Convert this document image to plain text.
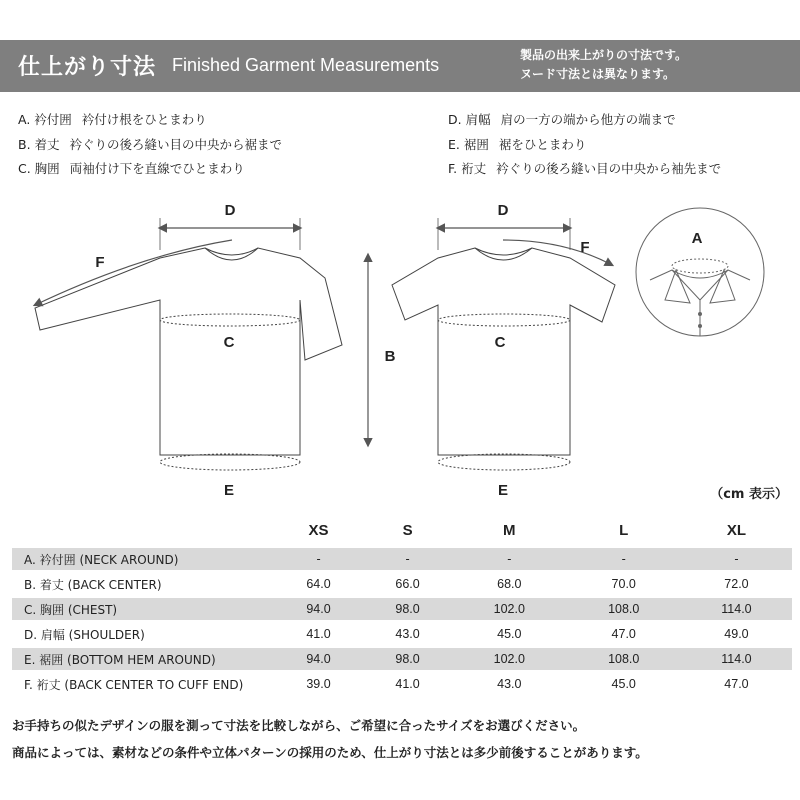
仕上がり寸法 Finished Garment Measurements	製品の出来上がりの寸法です。
ヌード寸法とは異なります。
A. 衿付囲 衿付け根をひとまわり
B. 着丈 衿ぐりの後ろ縫い目の中央から裾まで
C. 胸囲 両袖付け下を直線でひとまわり
D. 肩幅 肩の一方の端から他方の端まで
E. 裾囲 裾をひとまわり
F. 裄丈 衿ぐりの後ろ縫い目の中央から袖先まで
D
F
C
E
B
D
F
C
E
A
（cm 表示）
	XS	S	M	L	XL
A. 衿付囲 (NECK AROUND)	-	-	-	-	-
B. 着丈 (BACK CENTER)	64.0	66.0	68.0	70.0	72.0
C. 胸囲 (CHEST)	94.0	98.0	102.0	108.0	114.0
D. 肩幅 (SHOULDER)	41.0	43.0	45.0	47.0	49.0
E. 裾囲 (BOTTOM HEM AROUND)	94.0	98.0	102.0	108.0	114.0
F. 裄丈 (BACK CENTER TO CUFF END)	39.0	41.0	43.0	45.0	47.0
お手持ちの似たデザインの服を測って寸法を比較しながら、ご希望に合ったサイズをお選びください。
商品によっては、素材などの条件や立体パターンの採用のため、仕上がり寸法とは多少前後することがあります。
